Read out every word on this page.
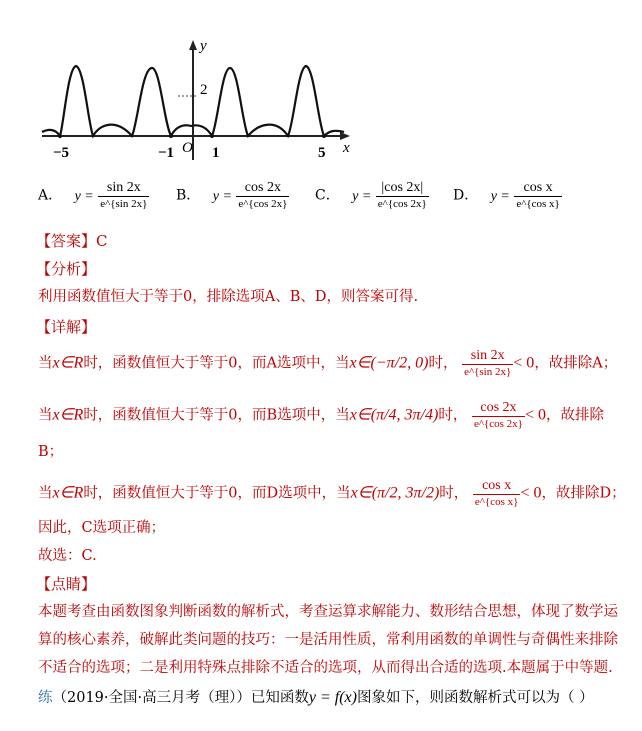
y
x
2
O
−5	−1	1	5
A． $y = \frac{\sin 2x}{e\^{}\{\sin 2x\}}$ B． $y = \frac{\cos 2x}{e\^{}\{\cos 2x\}}$ C． $y = \frac{|\cos 2x|}{e\^{}\{\cos 2x\}}$ D． $y = \frac{\text{cos x}}{\text{e\textasciicircum{}\{cos x\}}}$
【答案】C
【分析】
利用函数值恒大于等于0，排除选项A、B、D，则答案可得.
【详解】
当x∈R时，函数值恒大于等于0，而A选项中，当x∈(−π/2, 0)时， $\frac{\sin 2x}{e\^{}\{\sin 2x\}} < 0$，故排除A；
当x∈R时，函数值恒大于等于0，而B选项中，当x∈(π/4, 3π/4)时， $\frac{\cos 2x}{e\^{}\{\cos 2x\}} < 0$，故排除
B；
当x∈R时，函数值恒大于等于0，而D选项中，当x∈(π/2, 3π/2)时， $\frac{\text{cos x}}{\text{e\textasciicircum{}\{cos x\}}} < 0$，故排除D；
因此，C选项正确；
故选：C.
【点睛】
本题考查由函数图象判断函数的解析式，考查运算求解能力、数形结合思想，体现了数学运
算的核心素养，破解此类问题的技巧：一是活用性质，常利用函数的单调性与奇偶性来排除
不适合的选项；二是利用特殊点排除不适合的选项，从而得出合适的选项.本题属于中等题.
练（2019·全国·高三月考（理））已知函数y = f(x)图象如下，则函数解析式可以为（ ）
